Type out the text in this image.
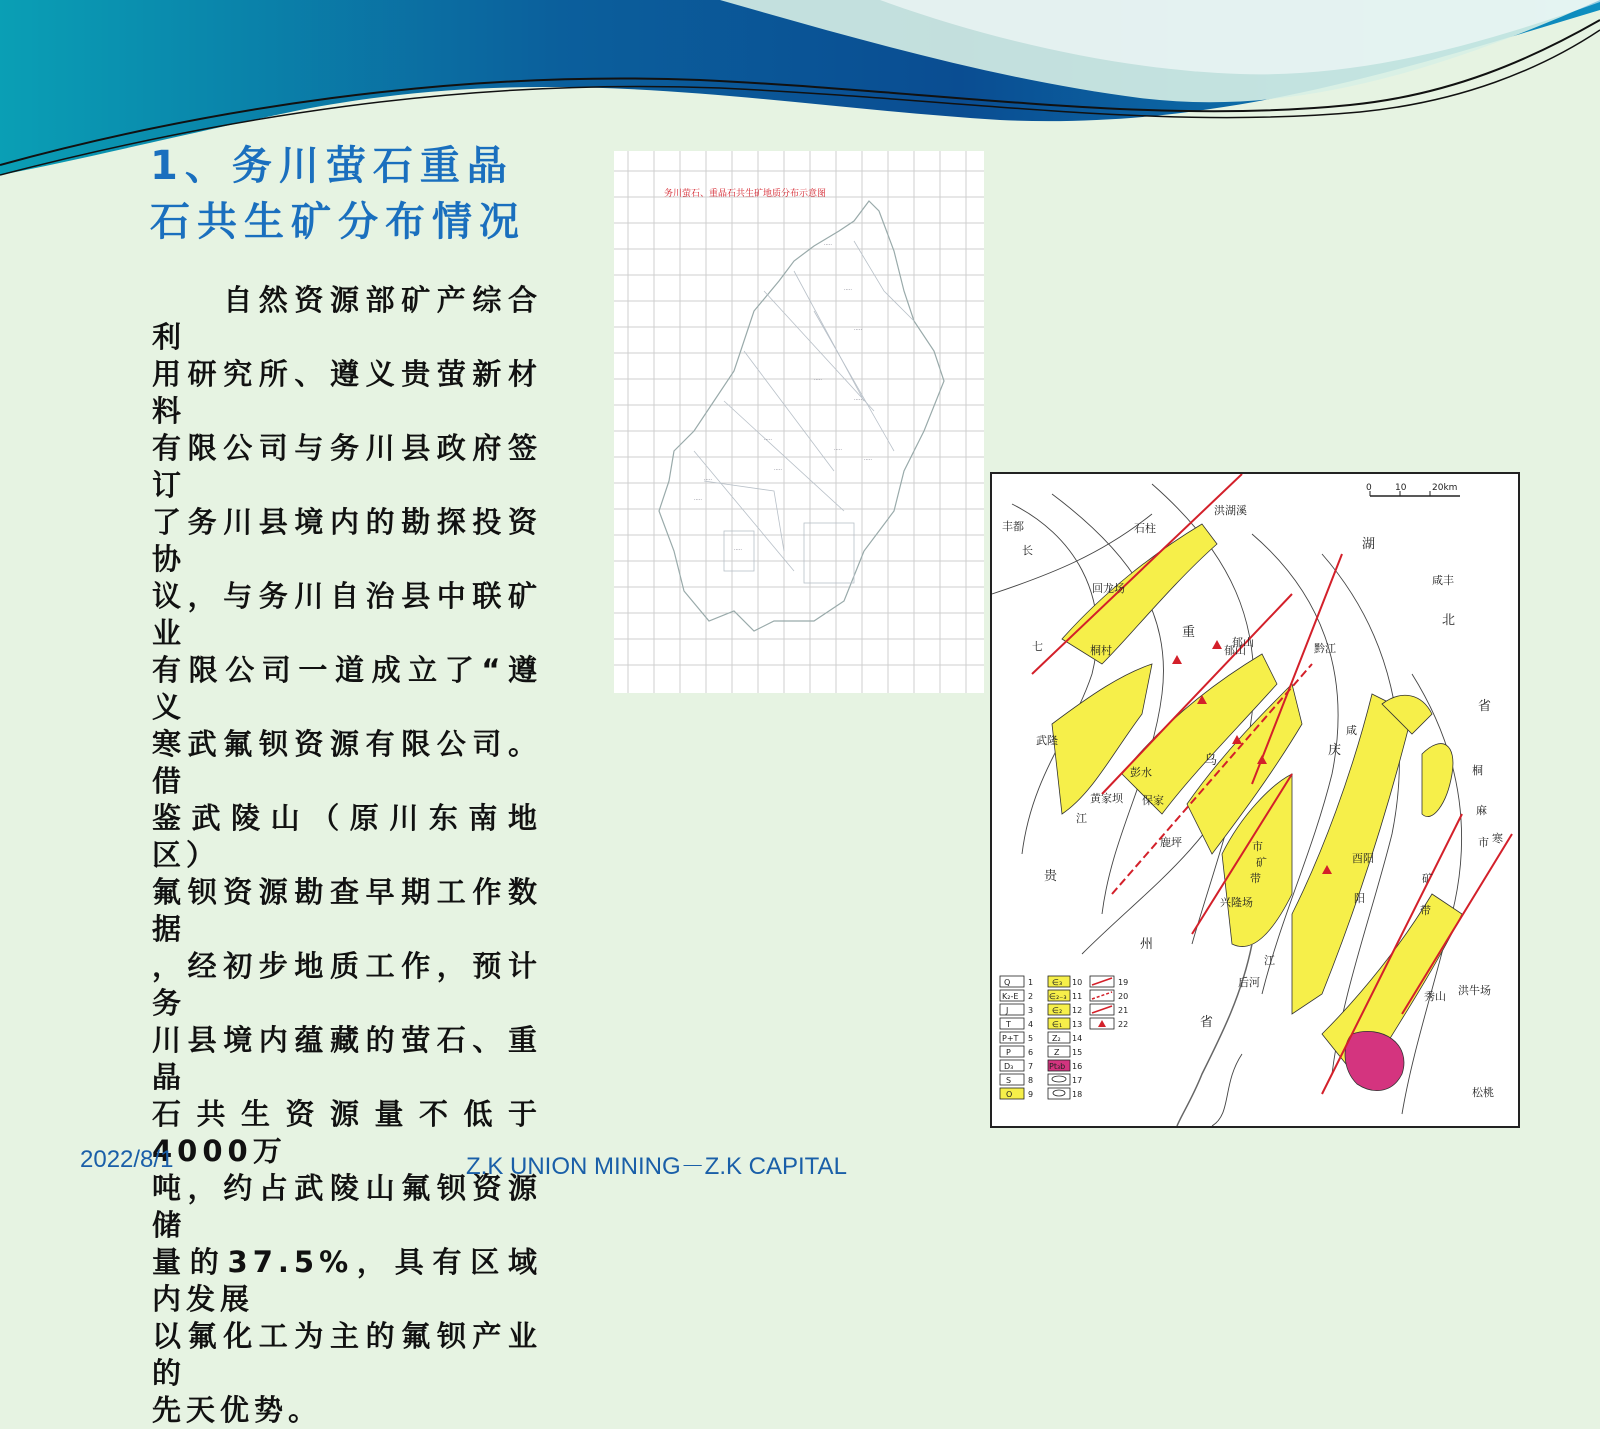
1、务川萤石重晶石共生矿分布情况
　　自然资源部矿产综合利
用研究所、遵义贵萤新材料
有限公司与务川县政府签订
了务川县境内的勘探投资协
议，与务川自治县中联矿业
有限公司一道成立了“遵义
寒武氟钡资源有限公司。借
鉴武陵山（原川东南地区）
氟钡资源勘查早期工作数据
，经初步地质工作，预计务
川县境内蕴藏的萤石、重晶
石共生资源量不低于4000万
吨，约占武陵山氟钡资源储
量的37.5%，具有区域内发展
以氟化工为主的氟钡产业的
先天优势。
·····
·····
·····
·····
·····
·····
·····
·····
·····
·····
·····
·····
务川萤石、重晶石共生矿地质分布示意图
0	10	20km
石柱
丰都
长
洪湖溪
湖
咸丰
北
省
回龙场
重
郁山	黔江
桐村
武隆
彭水
乌
庆
黄家坝 保家
鹿坪
贵
兴隆场
州
江
酉阳
秀山 洪牛场
松桃
后河
省
江
七
桐
麻
市
矿
带
阳
市
矿
带
郁山
咸
寒
Q 1
K₂-E 2
J 3
T 4
P+T 5
P 6
D₃ 7
S 8
O 9
∈₃ 10
∈₂₋₃ 11
∈₂ 12
∈₁ 13
Z₂ 14
Z 15
Pt₃b 16
17
18
19
20
21
22
2022/8/1	Z.K UNION MINING－Z.K CAPITAL
